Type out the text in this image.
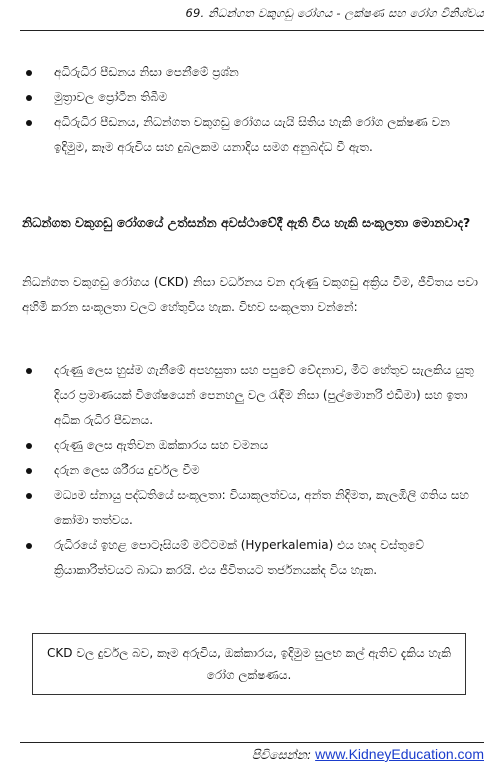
69. නිධන්ගත වකුගඩු රෝගය - ලක්ෂණ සහ රෝග විනිශ්චය
අධිරුධිර පීඩනය නිසා පෙනීමේ ප්‍රශ්න
මුත්‍රාවල ප්‍රෝටීන තිබීම
අධිරුධිර පීඩනය, නිධන්ගත වකුගඩු රෝගය යැයි සිතිය හැකි රෝග ලක්ෂණ වන ඉදිමුම, කෑම අරුචිය සහ දුබලකම යනාදිය සමග අනුබද්ධ වී ඇත.
නිධන්ගත වකුගඩු රෝගයේ උත්සන්න අවස්ථාවේදී ඇති විය හැකි සංකූලතා මොනවාද?
නිධන්ගත වකුගඩු රෝගය (CKD) නිසා වර්ධනය වන දරුණු වකුගඩු අක්‍රිය වීම, ජීවිතය පවා අහිමි කරන සංකූලතා වලට හේතුවිය හැක. විභව සංකූලතා වන්නේ:
දරුණු ලෙස හුස්ම ගැනීමේ අපහසුතා සහ පපුවේ වේදනාව, මීට හේතුව සැලකිය යුතු දියර ප්‍රමාණයක් විශේෂයෙන් පෙනහලු වල රැඳීම නිසා (පුල්මොනරි එඩීමා) සහ ඉතා අධික රුධිර පීඩනය.
දරුණු ලෙස ඇතිවන ඔක්කාරය සහ වමනය
දරුන ලෙස ශරීරය දුර්වල වීම
මධ්‍යම ස්නායු පද්ධතියේ සංකූලතා: වියාකූලත්වය, අන්ත නිදිමත, කැලඹිලි ගතිය සහ කෝමා තත්වය.
රුධිරයේ ඉහළ පොටෑසියම් මට්ටමක් (Hyperkalemia) එය හෘද වස්තුවේ ක්‍රියාකාරිත්වයට බාධා කරයි. එය ජීවිතයට තර්ජනයක්ද විය හැක.
CKD වල දුර්වල බව, කෑම අරුචිය, ඔක්කාරය, ඉදිමුම සුලභ කල් ඇතිව දැකිය හැකි රෝග ලක්ෂණය.
පිවිසෙන්න: www.KidneyEducation.com
